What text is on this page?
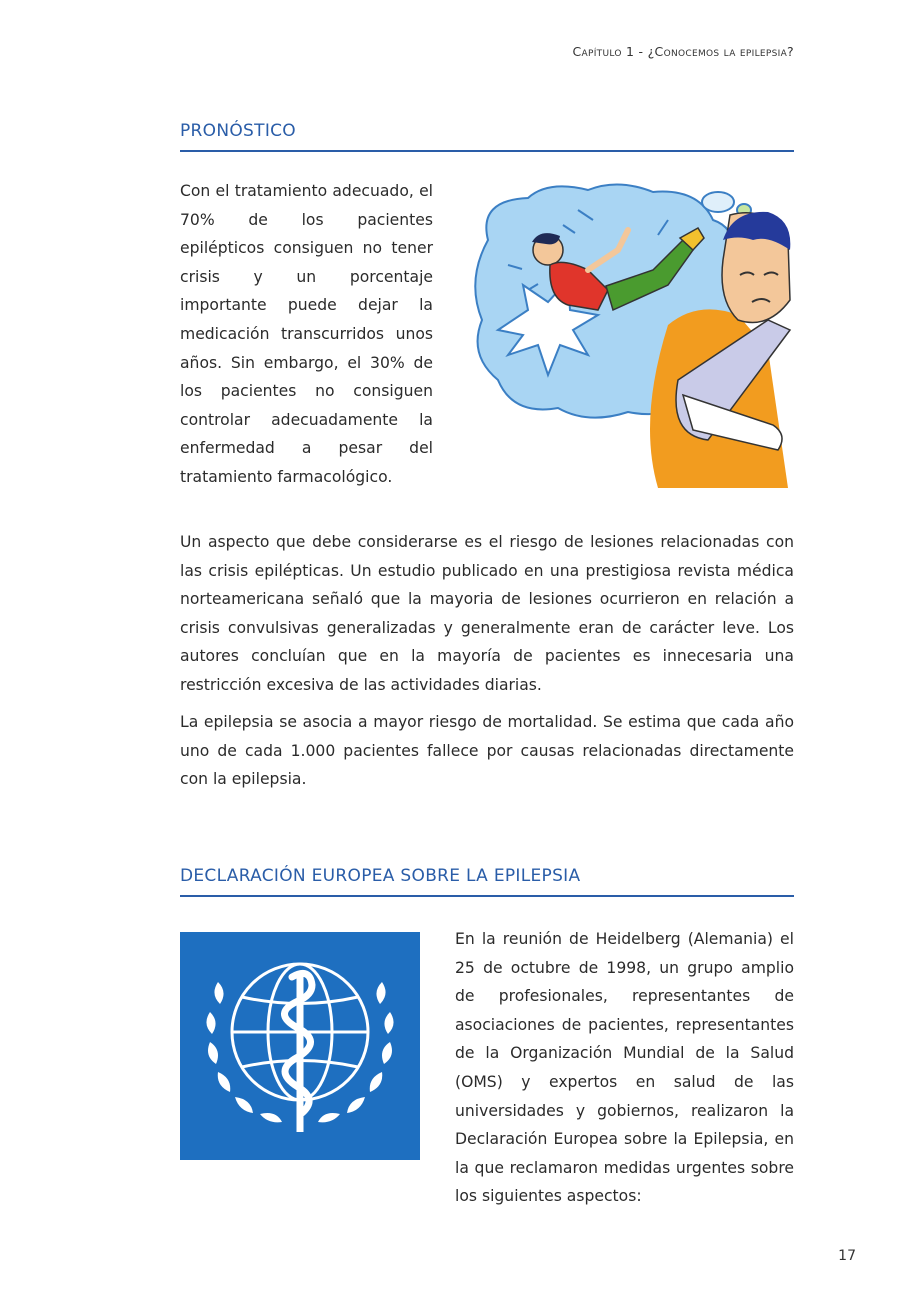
Capítulo 1 - ¿Conocemos la epilepsia?
PRONÓSTICO

Con el tratamiento adecuado, el 70% de los pacientes epilépticos consiguen no tener crisis y un porcentaje importante puede dejar la medicación transcurridos unos años. Sin embargo, el 30% de los pacientes no consiguen controlar adecuadamente la enfermedad a pesar del tratamiento farmacológico.

Un aspecto que debe considerarse es el riesgo de lesiones relacionadas con las crisis epilépticas. Un estudio publicado en una prestigiosa revista médica norteamericana señaló que la mayoria de lesiones ocurrieron en relación a crisis convulsivas generalizadas y generalmente eran de carácter leve. Los autores concluían que en la mayoría de pacientes es innecesaria una restricción excesiva de las actividades diarias.

La epilepsia se asocia a mayor riesgo de mortalidad. Se estima que cada año uno de cada 1.000 pacientes fallece por causas relacionadas directamente con la epilepsia.

DECLARACIÓN EUROPEA SOBRE LA EPILEPSIA

En la reunión de Heidelberg (Alemania) el 25 de octubre de 1998, un grupo amplio de profesionales, representantes de asociaciones de pacientes, representantes de la Organización Mundial de la Salud (OMS) y expertos en salud de las universidades y gobiernos, realizaron la Declaración Europea sobre la Epilepsia, en la que reclamaron medidas urgentes sobre los siguientes aspectos:

17
